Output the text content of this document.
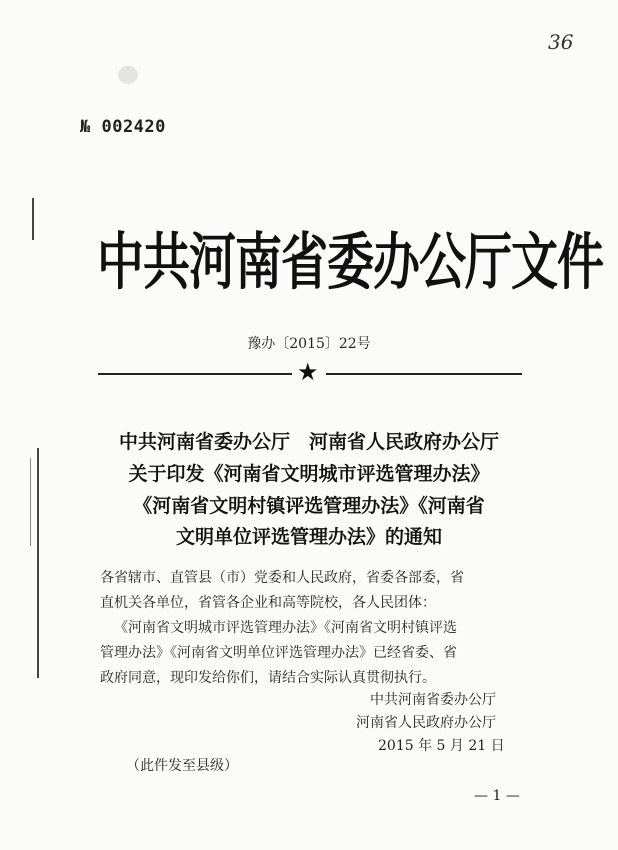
36
№ 002420
中共河南省委办公厅文件
豫办〔2015〕22号
★
中共河南省委办公厅　河南省人民政府办公厅
关于印发《河南省文明城市评选管理办法》
《河南省文明村镇评选管理办法》《河南省
文明单位评选管理办法》的通知
各省辖市、直管县（市）党委和人民政府，省委各部委，省
直机关各单位，省管各企业和高等院校，各人民团体：
《河南省文明城市评选管理办法》《河南省文明村镇评选
管理办法》《河南省文明单位评选管理办法》已经省委、省
政府同意，现印发给你们，请结合实际认真贯彻执行。
中共河南省委办公厅
河南省人民政府办公厅
2015 年 5 月 21 日
（此件发至县级）
— 1 —
